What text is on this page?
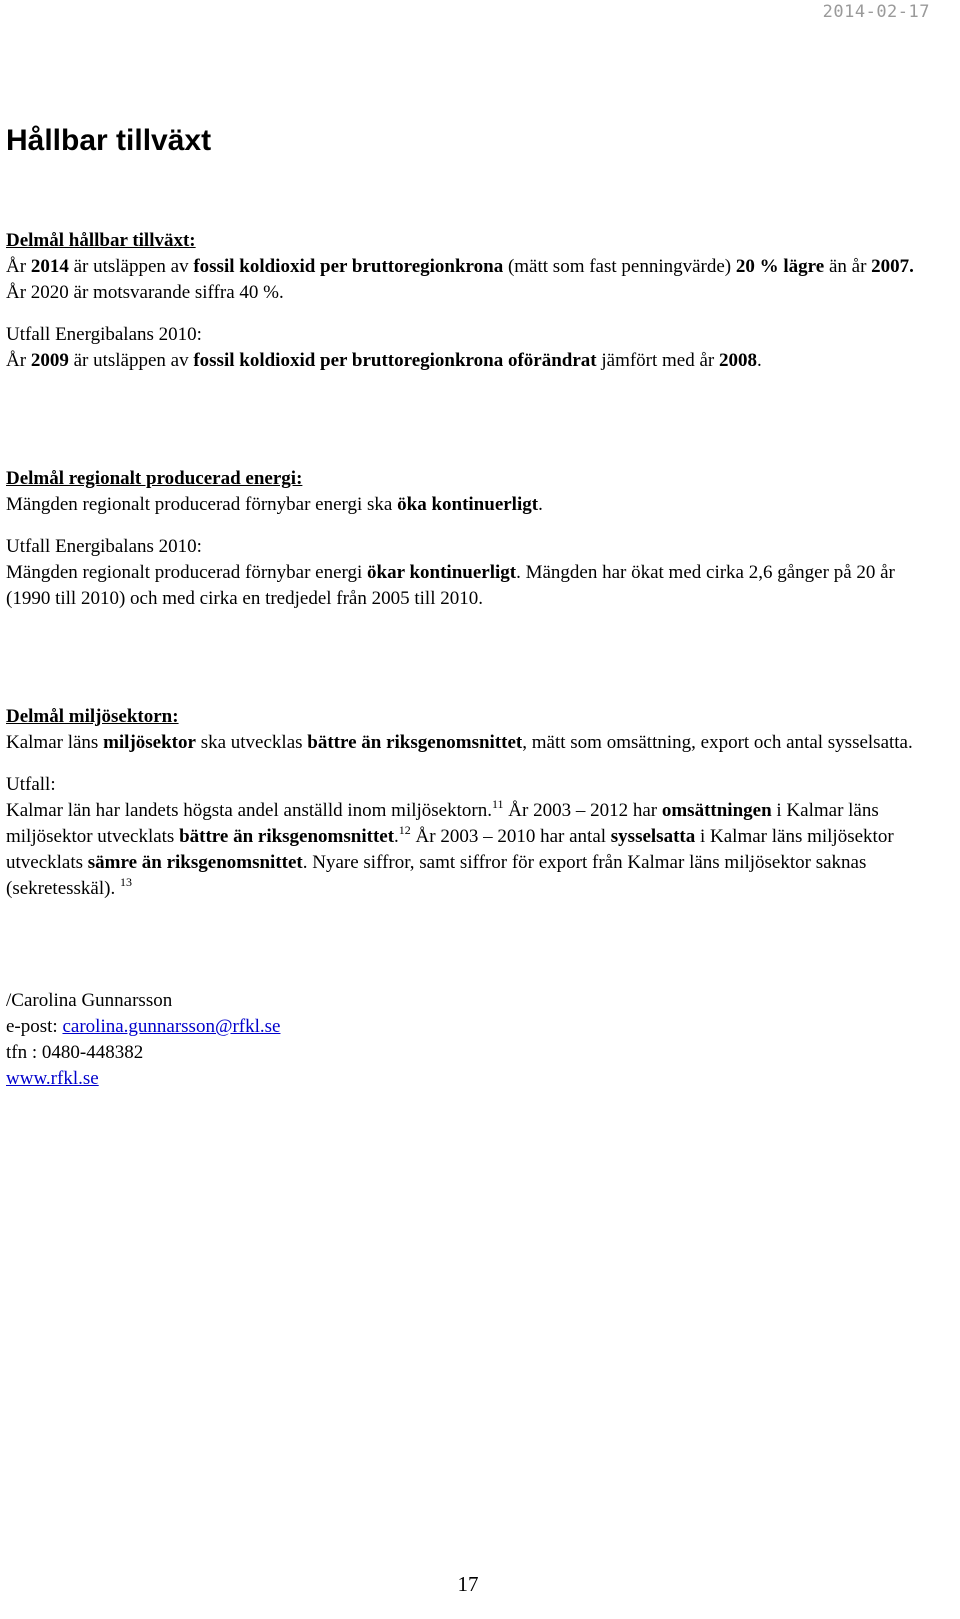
2014-02-17
Hållbar tillväxt

Delmål hållbar tillväxt:

År 2014 är utsläppen av fossil koldioxid per bruttoregionkrona (mätt som fast penningvärde) 20 % lägre än år 2007. År 2020 är motsvarande siffra 40 %.

Utfall Energibalans 2010:

År 2009 är utsläppen av fossil koldioxid per bruttoregionkrona oförändrat jämfört med år 2008.

Delmål regionalt producerad energi:

Mängden regionalt producerad förnybar energi ska öka kontinuerligt.

Utfall Energibalans 2010:

Mängden regionalt producerad förnybar energi ökar kontinuerligt. Mängden har ökat med cirka 2,6 gånger på 20 år (1990 till 2010) och med cirka en tredjedel från 2005 till 2010.

Delmål miljösektorn:

Kalmar läns miljösektor ska utvecklas bättre än riksgenomsnittet, mätt som omsättning, export och antal sysselsatta.

Utfall:

Kalmar län har landets högsta andel anställd inom miljösektorn.$^{11}$ År 2003 – 2012 har omsättningen i Kalmar läns miljösektor utvecklats bättre än riksgenomsnittet.$^{12}$ År 2003 – 2010 har antal sysselsatta i Kalmar läns miljösektor utvecklats sämre än riksgenomsnittet. Nyare siffror, samt siffror för export från Kalmar läns miljösektor saknas (sekretesskäl). $^{13}$

/Carolina Gunnarsson

e-post: carolina.gunnarsson@rfkl.se

tfn : 0480-448382

www.rfkl.se

17
